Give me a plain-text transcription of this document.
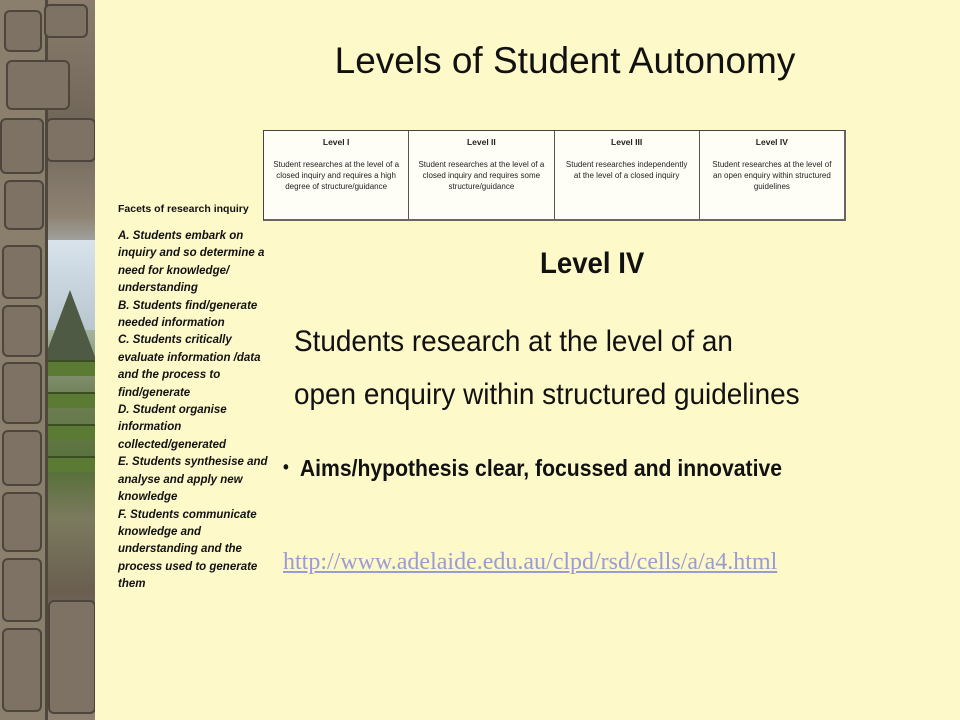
Levels of Student Autonomy
Level I
Student researches at the level of a closed inquiry and requires a high degree of structure/guidance
Level II
Student researches at the level of a closed inquiry and requires some structure/guidance
Level III
Student researches independently at the level of a closed inquiry
Level IV
Student researches at the level of an open enquiry within structured guidelines
Facets of research inquiry
A. Students embark on inquiry and so determine a need for knowledge/ understanding
B. Students find/generate needed information
C. Students critically evaluate information /data and the process to find/generate
D. Student organise information collected/generated
E. Students synthesise and analyse and apply new knowledge
F. Students communicate knowledge and understanding and the process used to generate them
Level IV
Students research at the level of an
open enquiry within structured guidelines
• Aims/hypothesis clear, focussed and innovative
http://www.adelaide.edu.au/clpd/rsd/cells/a/a4.html
